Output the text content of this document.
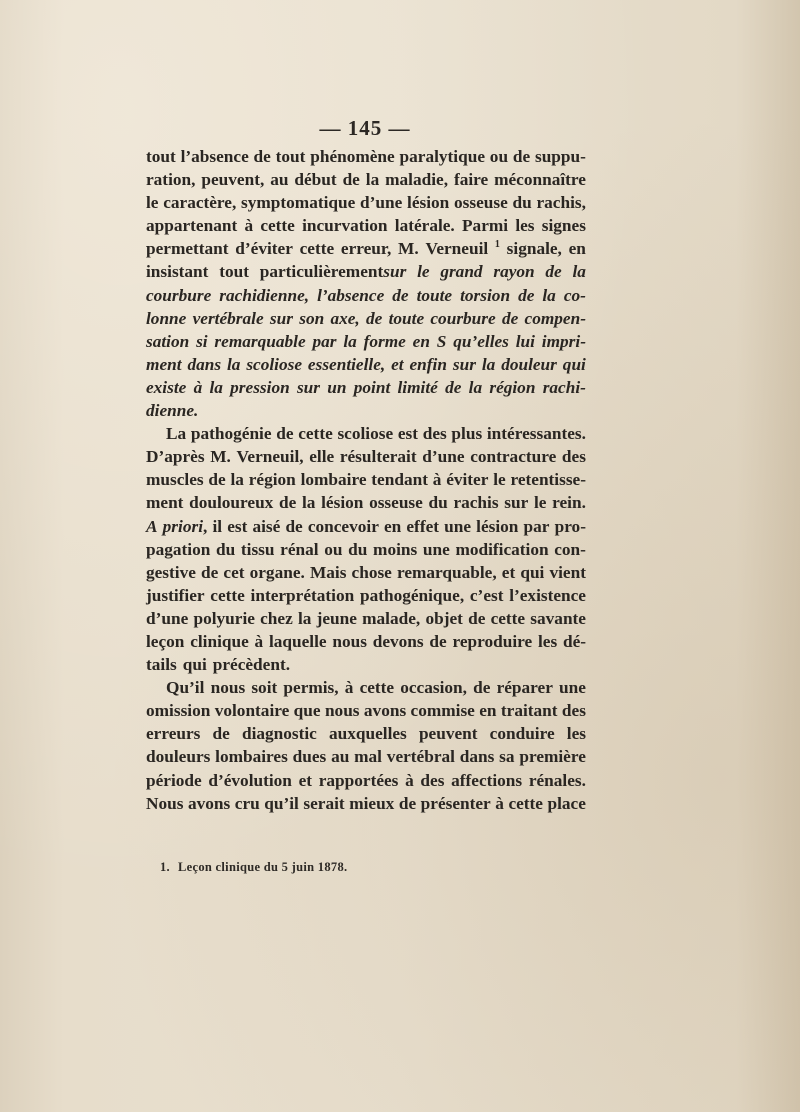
— 145 —
tout l’absence de tout phénomène paralytique ou de suppu-
ration, peuvent, au début de la maladie, faire méconnaître
le caractère, symptomatique d’une lésion osseuse du rachis,
appartenant à cette incurvation latérale. Parmi les signes
permettant d’éviter cette erreur, M. Verneuil $^1$ signale, en
insistant tout particulièrementsur le grand rayon de la
courbure rachidienne, l’absence de toute torsion de la co-
lonne vertébrale sur son axe, de toute courbure de compen-
sation si remarquable par la forme en S qu’elles lui impri-
ment dans la scoliose essentielle, et enfin sur la douleur qui
existe à la pression sur un point limité de la région rachi-
dienne.
La pathogénie de cette scoliose est des plus intéressantes.
D’après M. Verneuil, elle résulterait d’une contracture des
muscles de la région lombaire tendant à éviter le retentisse-
ment douloureux de la lésion osseuse du rachis sur le rein.
A priori, il est aisé de concevoir en effet une lésion par pro-
pagation du tissu rénal ou du moins une modification con-
gestive de cet organe. Mais chose remarquable, et qui vient
justifier cette interprétation pathogénique, c’est l’existence
d’une polyurie chez la jeune malade, objet de cette savante
leçon clinique à laquelle nous devons de reproduire les dé-
tails qui précèdent.
Qu’il nous soit permis, à cette occasion, de réparer une
omission volontaire que nous avons commise en traitant des
erreurs de diagnostic auxquelles peuvent conduire les
douleurs lombaires dues au mal vertébral dans sa première
période d’évolution et rapportées à des affections rénales.
Nous avons cru qu’il serait mieux de présenter à cette place
1. Leçon clinique du 5 juin 1878.
